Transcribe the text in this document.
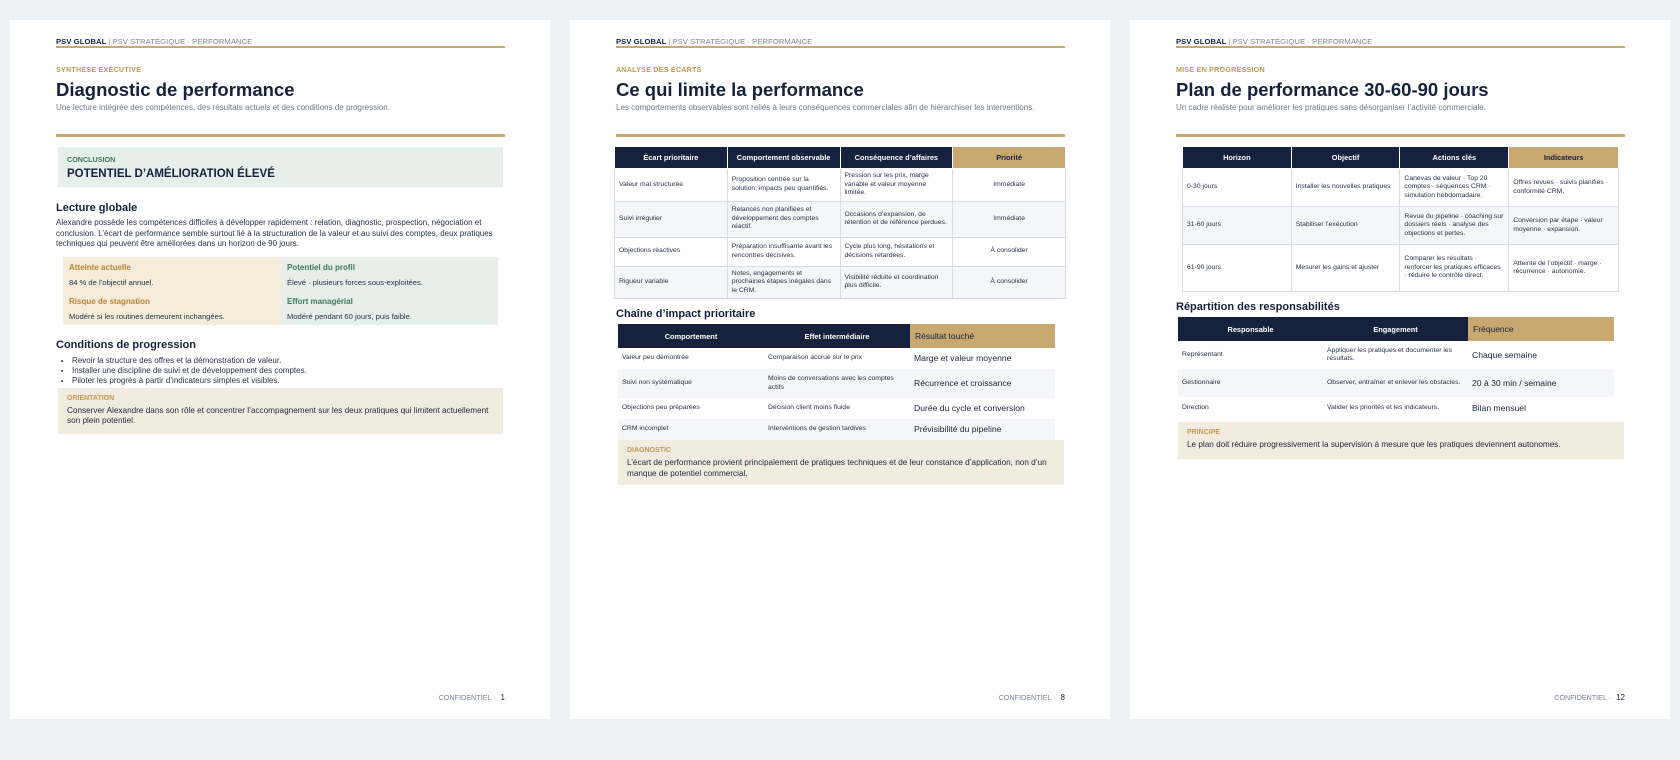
PSV GLOBAL | PSV STRATÉGIQUE · PERFORMANCE
SYNTHÈSE EXÉCUTIVE
Diagnostic de performance
Une lecture intégrée des compétences, des résultats actuels et des conditions de progression.
CONCLUSION
POTENTIEL D’AMÉLIORATION ÉLEVÉ
Lecture globale
Alexandre possède les compétences difficiles à développer rapidement : relation, diagnostic, prospection, négociation et conclusion. L’écart de performance semble surtout lié à la structuration de la valeur et au suivi des comptes, deux pratiques techniques qui peuvent être améliorées dans un horizon de 90 jours.
Atteinte actuelle
84 % de l’objectif annuel.
Potentiel du profil
Élevé · plusieurs forces sous-exploitées.
Risque de stagnation
Modéré si les routines demeurent inchangées.
Effort managérial
Modéré pendant 60 jours, puis faible.
Conditions de progression
• Revoir la structure des offres et la démonstration de valeur.
• Installer une discipline de suivi et de développement des comptes.
• Piloter les progrès à partir d’indicateurs simples et visibles.
ORIENTATION
Conserver Alexandre dans son rôle et concentrer l’accompagnement sur les deux pratiques qui limitent actuellement son plein potentiel.
CONFIDENTIEL · 1
PSV GLOBAL | PSV STRATÉGIQUE · PERFORMANCE
ANALYSE DES ÉCARTS
Ce qui limite la performance
Les comportements observables sont reliés à leurs conséquences commerciales afin de hiérarchiser les interventions.
Écart prioritaire	Comportement observable	Conséquence d’affaires	Priorité
Valeur mal structurée	Proposition centrée sur la solution; impacts peu quantifiés.	Pression sur les prix, marge variable et valeur moyenne limitée.	Immédiate
Suivi irrégulier	Relances non planifiées et développement des comptes réactif.	Occasions d’expansion, de rétention et de référence perdues.	Immédiate
Objections réactives	Préparation insuffisante avant les rencontres décisives.	Cycle plus long, hésitations et décisions retardées.	À consolider
Rigueur variable	Notes, engagements et prochaines étapes inégales dans le CRM.	Visibilité réduite et coordination plus difficile.	À consolider
Chaîne d’impact prioritaire
Comportement	Effet intermédiaire	Résultat touché
Valeur peu démontrée	Comparaison accrue sur le prix	Marge et valeur moyenne
Suivi non systématique	Moins de conversations avec les comptes actifs	Récurrence et croissance
Objections peu préparées	Décision client moins fluide	Durée du cycle et conversion
CRM incomplet	Interventions de gestion tardives	Prévisibilité du pipeline
DIAGNOSTIC
L’écart de performance provient principalement de pratiques techniques et de leur constance d’application, non d’un manque de potentiel commercial.
CONFIDENTIEL · 8
PSV GLOBAL | PSV STRATÉGIQUE · PERFORMANCE
MISE EN PROGRESSION
Plan de performance 30-60-90 jours
Un cadre réaliste pour améliorer les pratiques sans désorganiser l’activité commerciale.
Horizon	Objectif	Actions clés	Indicateurs
0-30 jours	Installer les nouvelles pratiques	Canevas de valeur · Top 20 comptes · séquences CRM · simulation hebdomadaire.	Offres revues · suivis planifiés · conformité CRM.
31-60 jours	Stabiliser l’exécution	Revue du pipeline · coaching sur dossiers réels · analyse des objections et pertes.	Conversion par étape · valeur moyenne · expansion.
61-90 jours	Mesurer les gains et ajuster	Comparer les résultats · renforcer les pratiques efficaces · réduire le contrôle direct.	Atteinte de l’objectif · marge · récurrence · autonomie.
Répartition des responsabilités
Responsable	Engagement	Fréquence
Représentant	Appliquer les pratiques et documenter les résultats.	Chaque semaine
Gestionnaire	Observer, entraîner et enlever les obstacles.	20 à 30 min / semaine
Direction	Valider les priorités et les indicateurs.	Bilan mensuel
PRINCIPE
Le plan doit réduire progressivement la supervision à mesure que les pratiques deviennent autonomes.
CONFIDENTIEL · 12
